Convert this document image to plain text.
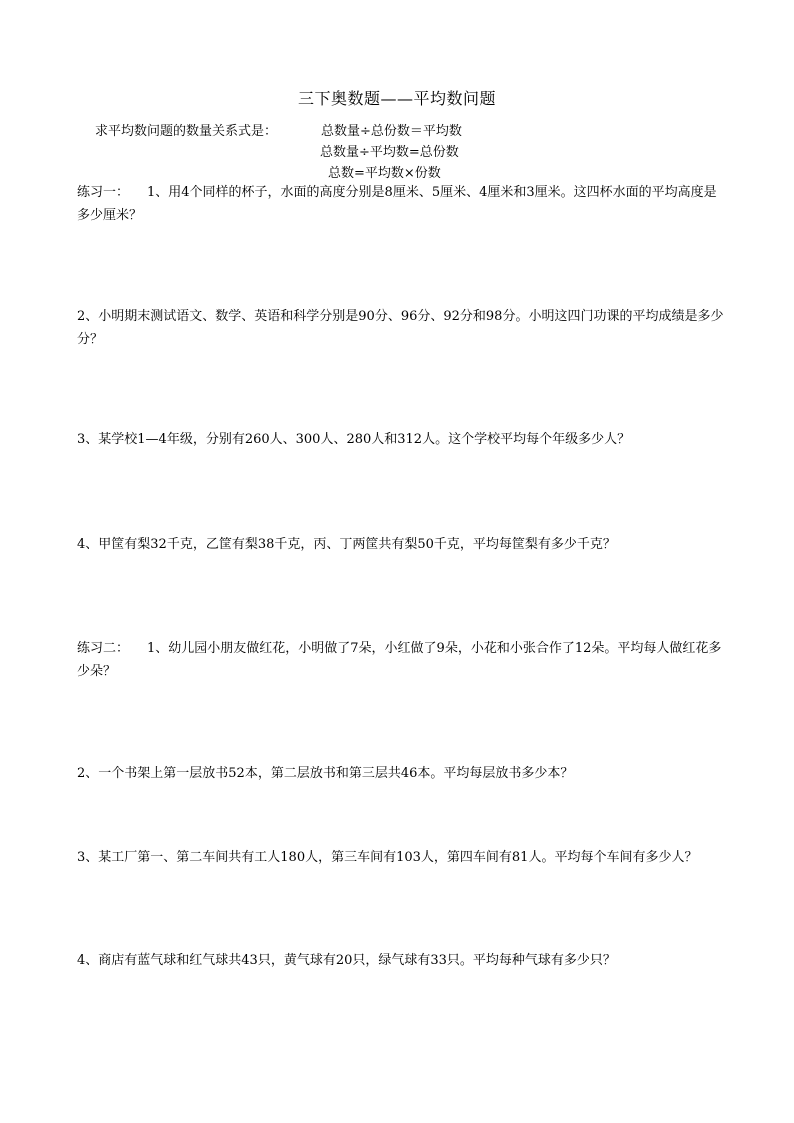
三下奥数题——平均数问题
求平均数问题的数量关系式是：	总数量÷总份数＝平均数
总数量÷平均数=总份数
总数=平均数×份数

练习一： 1、用4个同样的杯子，水面的高度分别是8厘米、5厘米、4厘米和3厘米。这四杯水面的平均高度是多少厘米？

2、小明期末测试语文、数学、英语和科学分别是90分、96分、92分和98分。小明这四门功课的平均成绩是多少分？

3、某学校1—4年级，分别有260人、300人、280人和312人。这个学校平均每个年级多少人？

4、甲筐有梨32千克，乙筐有梨38千克，丙、丁两筐共有梨50千克，平均每筐梨有多少千克？

练习二： 1、幼儿园小朋友做红花，小明做了7朵，小红做了9朵，小花和小张合作了12朵。平均每人做红花多少朵？

2、一个书架上第一层放书52本，第二层放书和第三层共46本。平均每层放书多少本？

3、某工厂第一、第二车间共有工人180人，第三车间有103人，第四车间有81人。平均每个车间有多少人？

4、商店有蓝气球和红气球共43只，黄气球有20只，绿气球有33只。平均每种气球有多少只？
